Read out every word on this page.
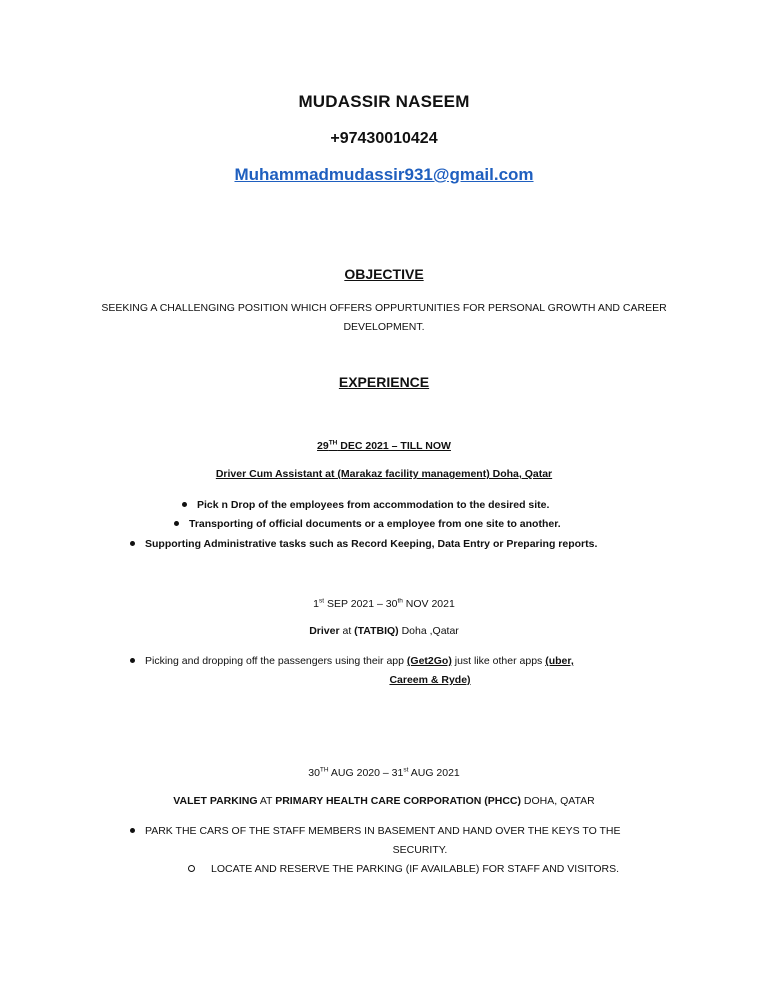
MUDASSIR NASEEM
+97430010424
Muhammadmudassir931@gmail.com
OBJECTIVE
SEEKING A CHALLENGING POSITION WHICH OFFERS OPPURTUNITIES FOR PERSONAL GROWTH AND CAREER DEVELOPMENT.
EXPERIENCE
29TH DEC 2021 – TILL NOW
Driver Cum Assistant at (Marakaz facility management) Doha, Qatar
Pick n Drop of the employees from accommodation to the desired site.
Transporting of official documents or a employee from one site to another.
Supporting Administrative tasks such as Record Keeping, Data Entry or Preparing reports.
1st SEP 2021 – 30th NOV 2021
Driver at (TATBIQ) Doha ,Qatar
Picking and dropping off the passengers using their app (Get2Go) just like other apps (uber,
Careem & Ryde)
30TH AUG 2020 – 31st AUG 2021
VALET PARKING AT PRIMARY HEALTH CARE CORPORATION (PHCC) DOHA, QATAR
PARK THE CARS OF THE STAFF MEMBERS IN BASEMENT AND HAND OVER THE KEYS TO THE
SECURITY.
LOCATE AND RESERVE THE PARKING (IF AVAILABLE) FOR STAFF AND VISITORS.
